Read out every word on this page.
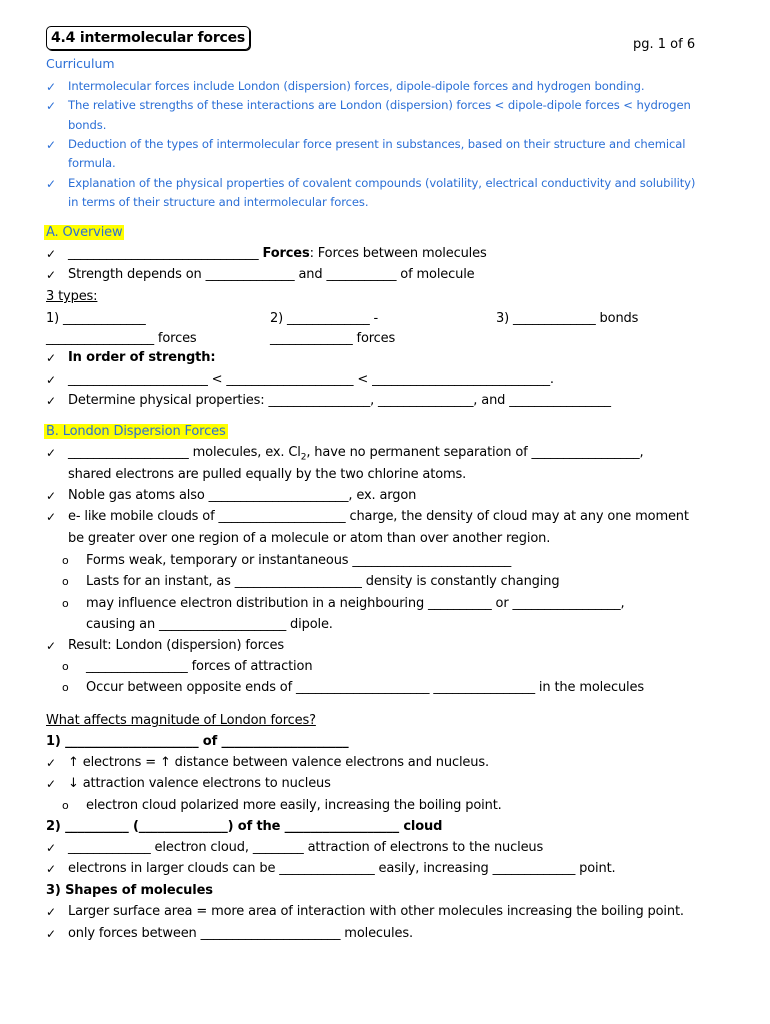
4.4 intermolecular forces	pg. 1 of 6
Curriculum
✓ Intermolecular forces include London (dispersion) forces, dipole-dipole forces and hydrogen bonding.
✓ The relative strengths of these interactions are London (dispersion) forces < dipole-dipole forces < hydrogen
bonds.
✓ Deduction of the types of intermolecular force present in substances, based on their structure and chemical
formula.
✓ Explanation of the physical properties of covalent compounds (volatility, electrical conductivity and solubility)
in terms of their structure and intermolecular forces.
A. Overview
✓ ______________________________ Forces: Forces between molecules
✓ Strength depends on ______________ and ___________ of molecule
3 types:
1) _____________	2) _____________ -	3) _____________ bonds
_________________ forces	_____________ forces
✓ In order of strength:
✓ ______________________ < ____________________ < ____________________________.
✓ Determine physical properties: ________________, _______________, and ________________
B. London Dispersion Forces
✓ ___________________ molecules, ex. $Cl_2$, have no permanent separation of _________________,
shared electrons are pulled equally by the two chlorine atoms.
✓ Noble gas atoms also ______________________, ex. argon
✓ e- like mobile clouds of ____________________ charge, the density of cloud may at any one moment
be greater over one region of a molecule or atom than over another region.
o Forms weak, temporary or instantaneous _________________________
o Lasts for an instant, as ____________________ density is constantly changing
o may influence electron distribution in a neighbouring __________ or _________________,
causing an ____________________ dipole.
✓ Result: London (dispersion) forces
o ________________ forces of attraction
o Occur between opposite ends of _____________________ ________________ in the molecules
What affects magnitude of London forces?
1) _____________________ of ____________________
✓ ↑ electrons = ↑ distance between valence electrons and nucleus.
✓ ↓ attraction valence electrons to nucleus
o electron cloud polarized more easily, increasing the boiling point.
2) __________ (______________) of the __________________ cloud
✓ _____________ electron cloud, ________ attraction of electrons to the nucleus
✓ electrons in larger clouds can be _______________ easily, increasing _____________ point.
3) Shapes of molecules
✓ Larger surface area = more area of interaction with other molecules increasing the boiling point.
✓ only forces between ______________________ molecules.
